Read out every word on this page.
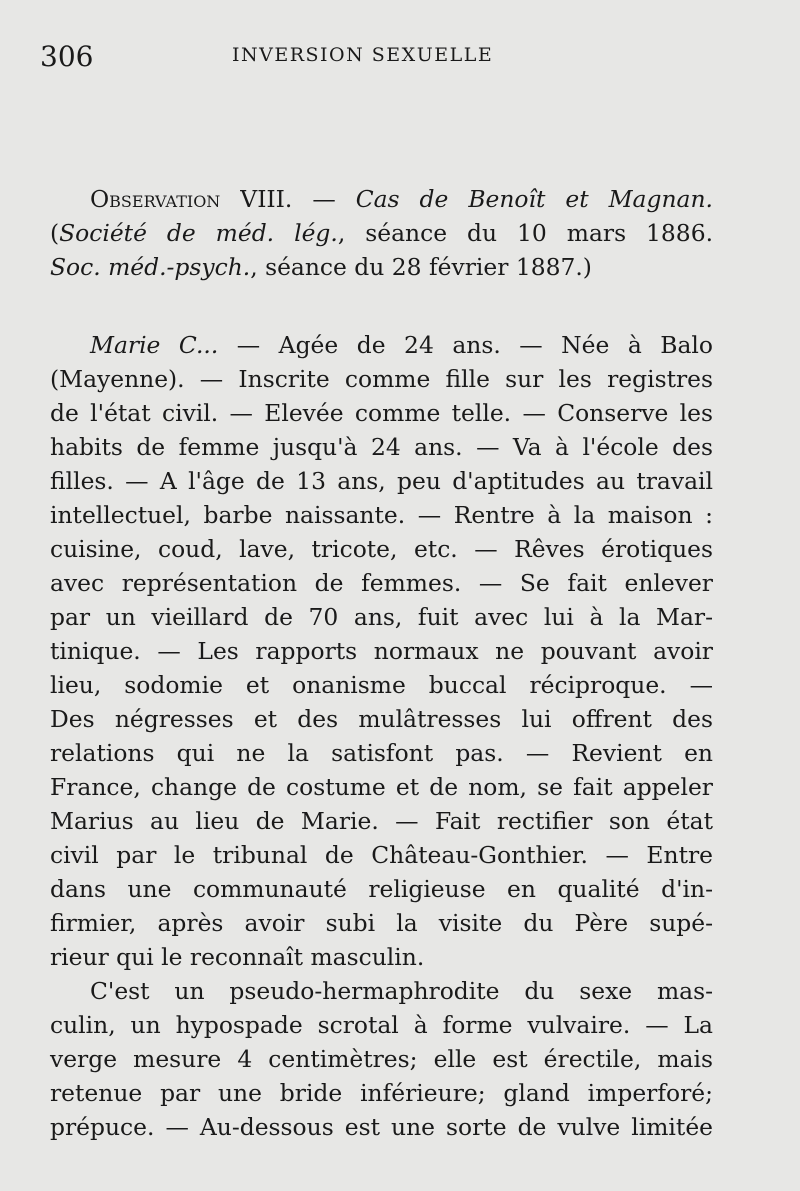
306	INVERSION SEXUELLE
Observation VIII. — Cas de Benoît et Magnan.
(Société de méd. lég., séance du 10 mars 1886.
Soc. méd.-psych., séance du 28 février 1887.)
Marie C... — Agée de 24 ans. — Née à Balo
(Mayenne). — Inscrite comme fille sur les registres
de l'état civil. — Elevée comme telle. — Conserve les
habits de femme jusqu'à 24 ans. — Va à l'école des
filles. — A l'âge de 13 ans, peu d'aptitudes au travail
intellectuel, barbe naissante. — Rentre à la maison :
cuisine, coud, lave, tricote, etc. — Rêves érotiques
avec représentation de femmes. — Se fait enlever
par un vieillard de 70 ans, fuit avec lui à la Mar-
tinique. — Les rapports normaux ne pouvant avoir
lieu, sodomie et onanisme buccal réciproque. —
Des négresses et des mulâtresses lui offrent des
relations qui ne la satisfont pas. — Revient en
France, change de costume et de nom, se fait appeler
Marius au lieu de Marie. — Fait rectifier son état
civil par le tribunal de Château-Gonthier. — Entre
dans une communauté religieuse en qualité d'in-
firmier, après avoir subi la visite du Père supé-
rieur qui le reconnaît masculin.
C'est un pseudo-hermaphrodite du sexe mas-
culin, un hypospade scrotal à forme vulvaire. — La
verge mesure 4 centimètres; elle est érectile, mais
retenue par une bride inférieure; gland imperforé;
prépuce. — Au-dessous est une sorte de vulve limitée
